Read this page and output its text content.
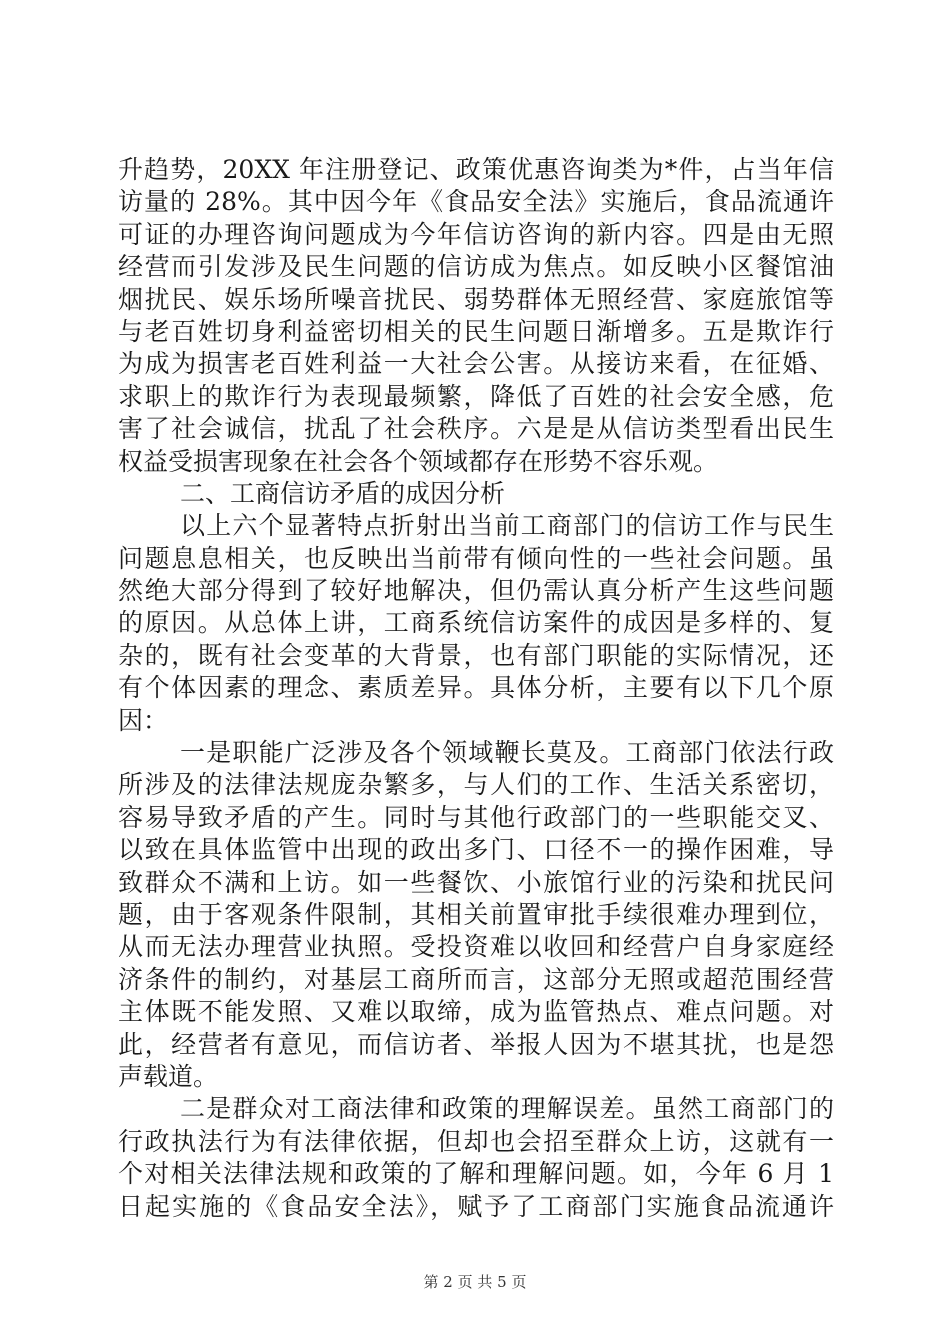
升趋势，20XX 年注册登记、政策优惠咨询类为*件，占当年信
访量的 28%。其中因今年《食品安全法》实施后，食品流通许
可证的办理咨询问题成为今年信访咨询的新内容。四是由无照
经营而引发涉及民生问题的信访成为焦点。如反映小区餐馆油
烟扰民、娱乐场所噪音扰民、弱势群体无照经营、家庭旅馆等
与老百姓切身利益密切相关的民生问题日渐增多。五是欺诈行
为成为损害老百姓利益一大社会公害。从接访来看，在征婚、
求职上的欺诈行为表现最频繁，降低了百姓的社会安全感，危
害了社会诚信，扰乱了社会秩序。六是是从信访类型看出民生
权益受损害现象在社会各个领域都存在形势不容乐观。
二、工商信访矛盾的成因分析
以上六个显著特点折射出当前工商部门的信访工作与民生
问题息息相关，也反映出当前带有倾向性的一些社会问题。虽
然绝大部分得到了较好地解决，但仍需认真分析产生这些问题
的原因。从总体上讲，工商系统信访案件的成因是多样的、复
杂的，既有社会变革的大背景，也有部门职能的实际情况，还
有个体因素的理念、素质差异。具体分析，主要有以下几个原
因：
一是职能广泛涉及各个领域鞭长莫及。工商部门依法行政
所涉及的法律法规庞杂繁多，与人们的工作、生活关系密切，
容易导致矛盾的产生。同时与其他行政部门的一些职能交叉、
以致在具体监管中出现的政出多门、口径不一的操作困难，导
致群众不满和上访。如一些餐饮、小旅馆行业的污染和扰民问
题，由于客观条件限制，其相关前置审批手续很难办理到位，
从而无法办理营业执照。受投资难以收回和经营户自身家庭经
济条件的制约，对基层工商所而言，这部分无照或超范围经营
主体既不能发照、又难以取缔，成为监管热点、难点问题。对
此，经营者有意见，而信访者、举报人因为不堪其扰，也是怨
声载道。
二是群众对工商法律和政策的理解误差。虽然工商部门的
行政执法行为有法律依据，但却也会招至群众上访，这就有一
个对相关法律法规和政策的了解和理解问题。如，今年 6 月 1
日起实施的《食品安全法》，赋予了工商部门实施食品流通许
第 2 页 共 5 页
